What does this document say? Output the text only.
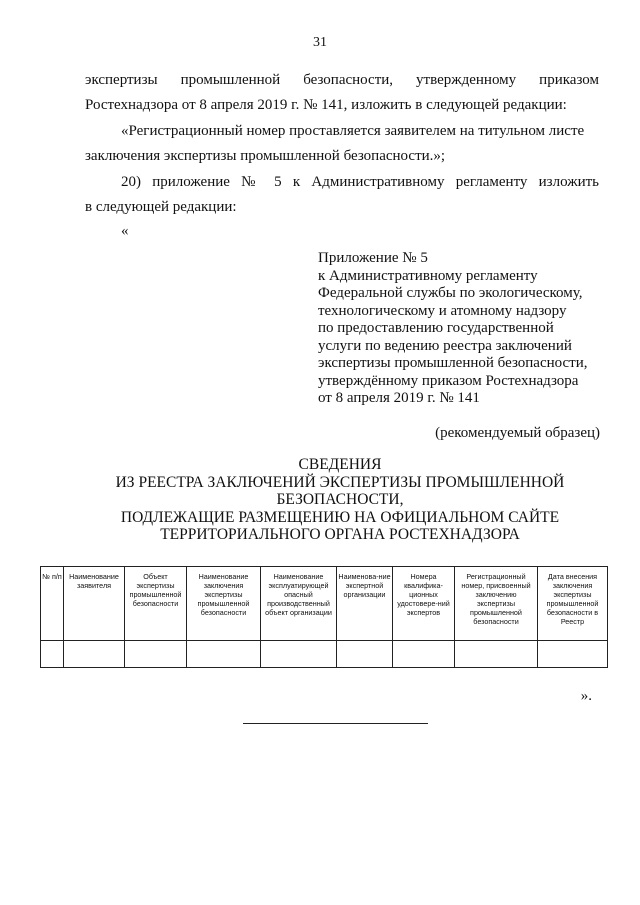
31
экспертизы промышленной безопасности, утвержденному приказом
Ростехнадзора от 8 апреля 2019 г. № 141, изложить в следующей редакции:
«Регистрационный номер проставляется заявителем на титульном листе
заключения экспертизы промышленной безопасности.»;
20) приложение № 5 к Административному регламенту изложить
в следующей редакции:
«
Приложение № 5
к Административному регламенту
Федеральной службы по экологическому,
технологическому и атомному надзору
по предоставлению государственной
услуги по ведению реестра заключений
экспертизы промышленной безопасности,
утверждённому приказом Ростехнадзора
от 8 апреля 2019 г. № 141
(рекомендуемый образец)
СВЕДЕНИЯ
ИЗ РЕЕСТРА ЗАКЛЮЧЕНИЙ ЭКСПЕРТИЗЫ ПРОМЫШЛЕННОЙ
БЕЗОПАСНОСТИ,
ПОДЛЕЖАЩИЕ РАЗМЕЩЕНИЮ НА ОФИЦИАЛЬНОМ САЙТЕ
ТЕРРИТОРИАЛЬНОГО ОРГАНА РОСТЕХНАДЗОРА
№ п/п	Наименование заявителя	Объект экспертизы промышленной безопасности	Наименование заключения экспертизы промышленной безопасности	Наименование эксплуатирующей опасный производственный объект организации	Наименова-ние экспертной организации	Номера квалифика-ционных удостовере-ний экспертов	Регистрационный номер, присвоенный заключению экспертизы промышленной безопасности	Дата внесения заключения экспертизы промышленной безопасности в Реестр

».
